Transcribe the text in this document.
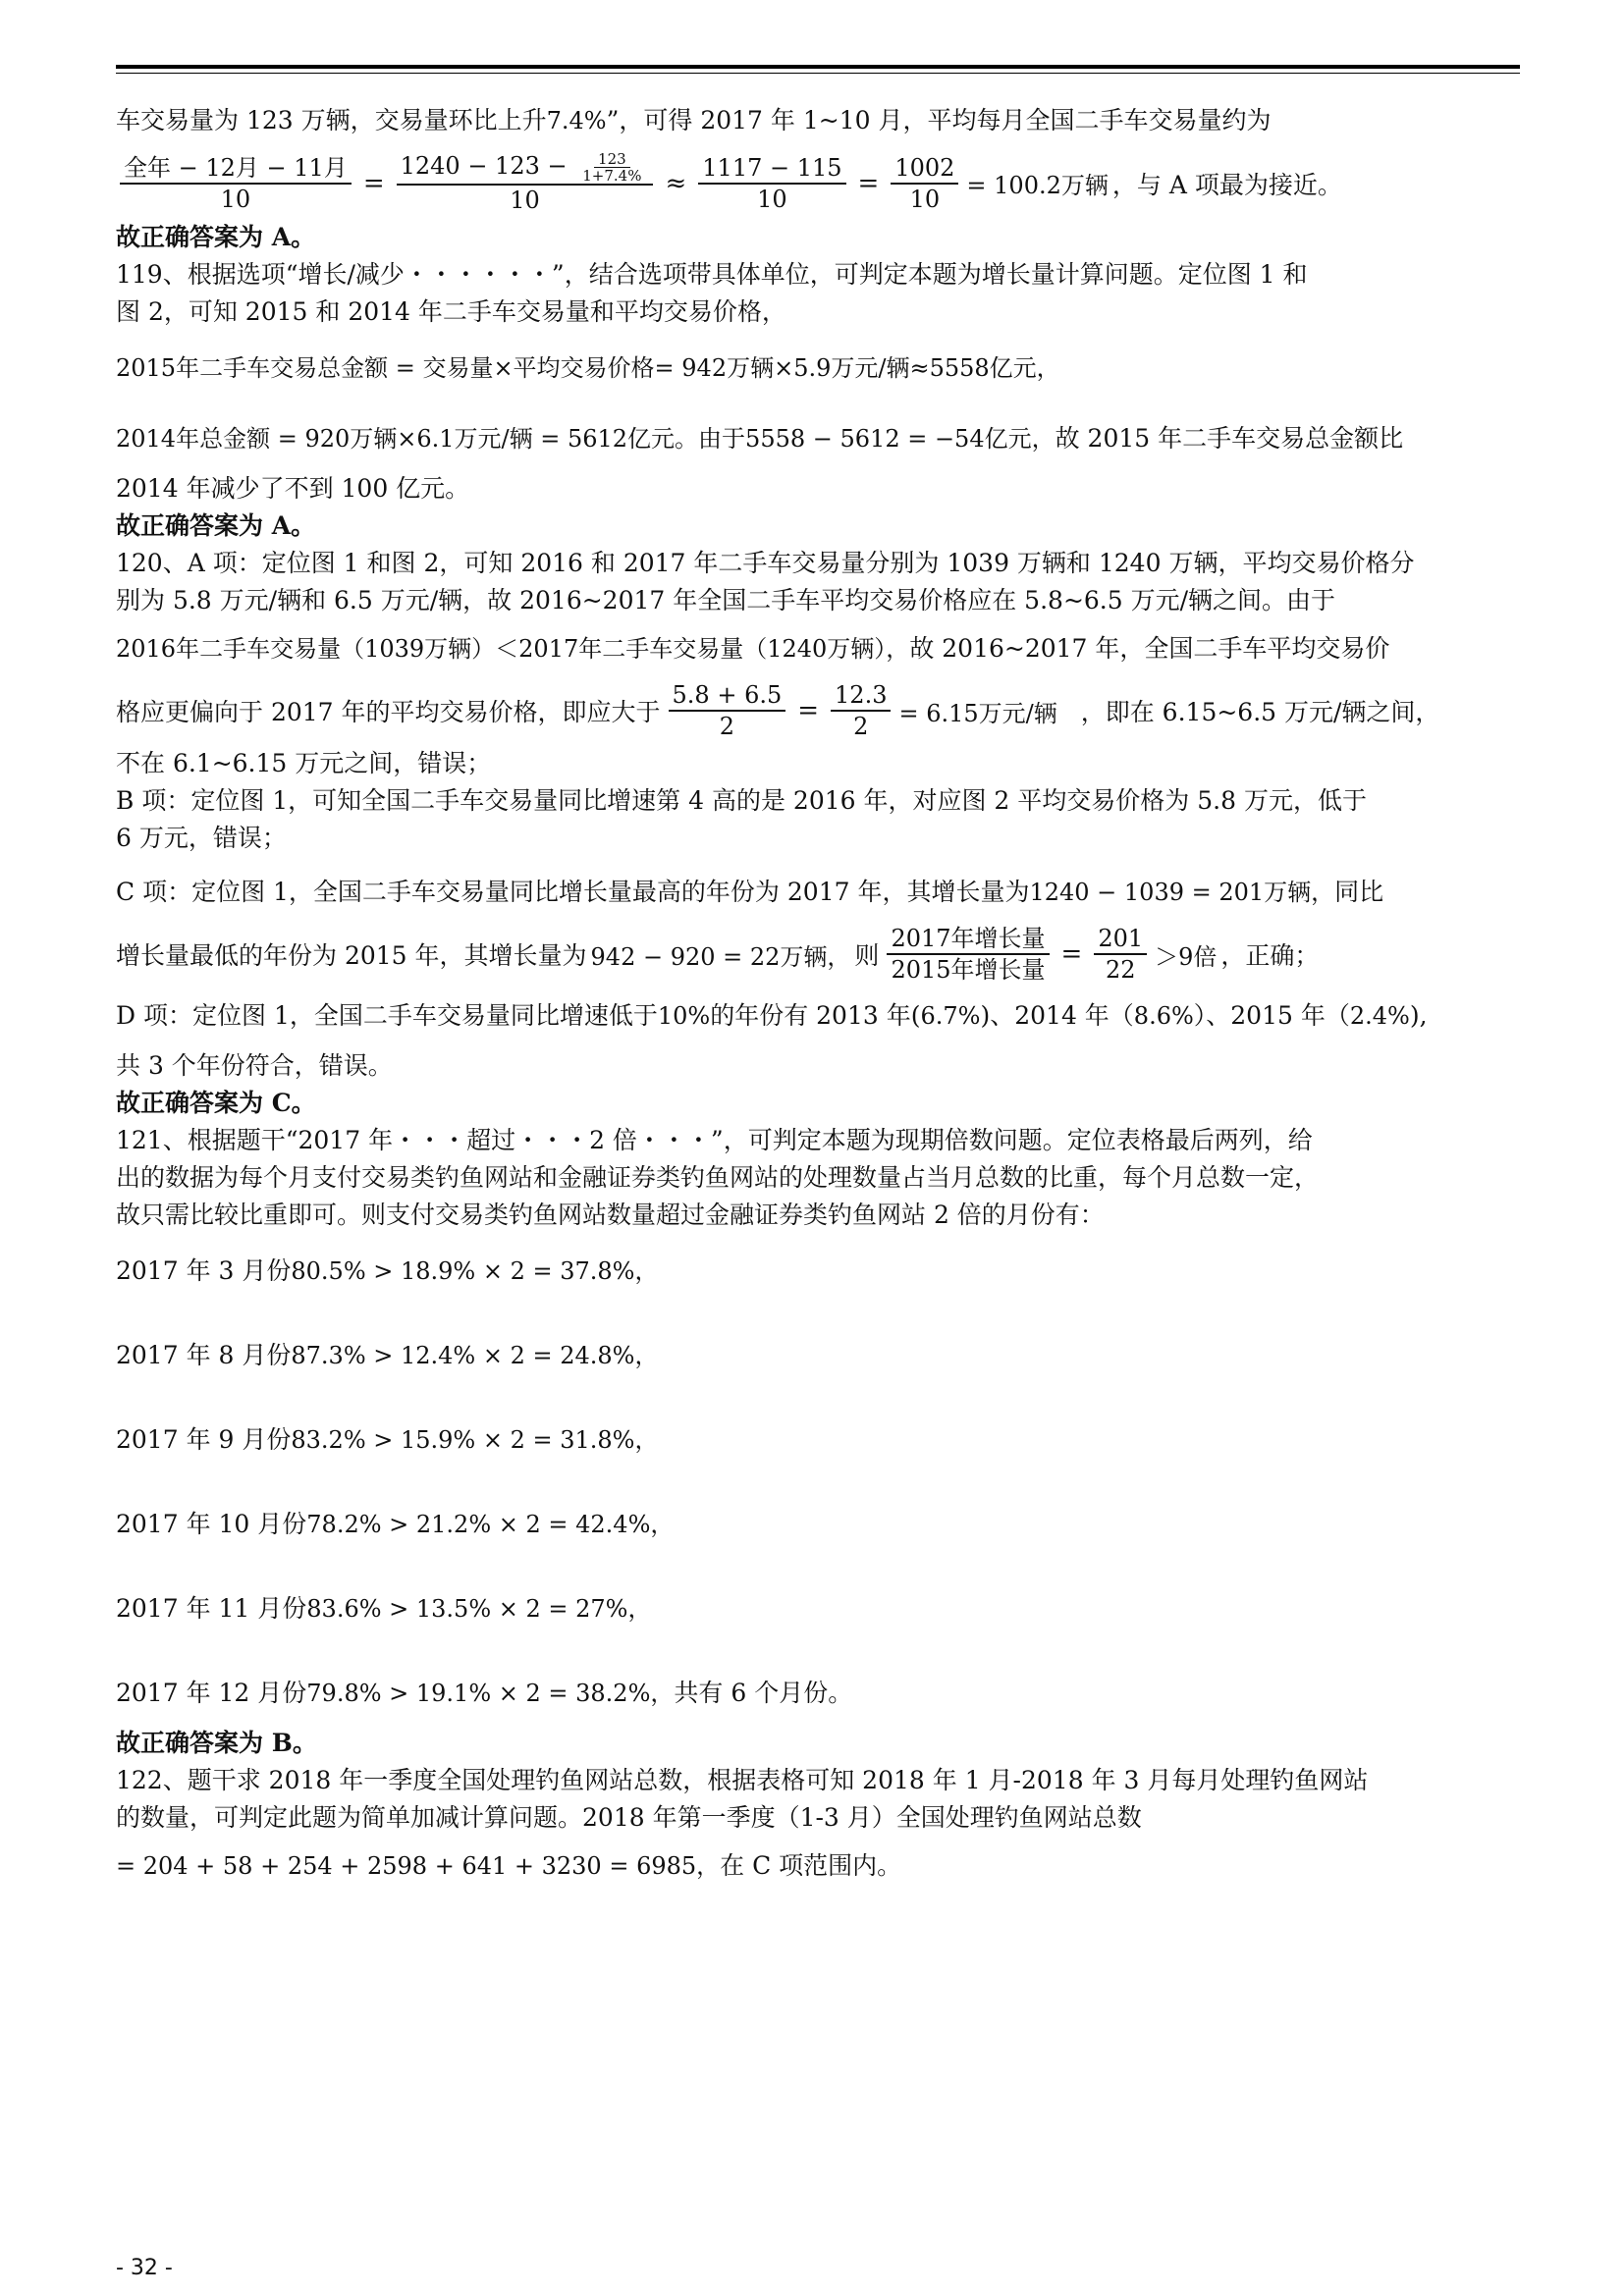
车交易量为 123 万辆，交易量环比上升7.4%”，可得 2017 年 1~10 月，平均每月全国二手车交易量约为

$\frac{\text{全年 − 12月 − 11月}}{10} = \frac{1240 - 123 - \frac{123}{1+7.4\%}}{10} \approx \frac{1117 - 115}{10} = \frac{1002}{10} = 100.2$万辆 ，与 A 项最为接近。

故正确答案为 A。

119、根据选项“增长/减少・・・・・・”，结合选项带具体单位，可判定本题为增长量计算问题。定位图 1 和

图 2，可知 2015 和 2014 年二手车交易量和平均交易价格，

2015年二手车交易总金额 = 交易量×平均交易价格= 942万辆×5.9万元/辆≈5558亿元，

2014年总金额 = 920万辆×6.1万元/辆 = 5612亿元。由于5558 − 5612 = −54亿元，故 2015 年二手车交易总金额比

2014 年减少了不到 100 亿元。

故正确答案为 A。

120、A 项：定位图 1 和图 2，可知 2016 和 2017 年二手车交易量分别为 1039 万辆和 1240 万辆，平均交易价格分

别为 5.8 万元/辆和 6.5 万元/辆，故 2016~2017 年全国二手车平均交易价格应在 5.8~6.5 万元/辆之间。由于

2016年二手车交易量（1039万辆）＜2017年二手车交易量（1240万辆），故 2016~2017 年，全国二手车平均交易价

格应更偏向于 2017 年的平均交易价格，即应大于 $\frac{5.8 + 6.5}{2} = \frac{12.3}{2} = 6.15$万元/辆 ，即在 6.15~6.5 万元/辆之间，

不在 6.1~6.15 万元之间，错误；

B 项：定位图 1，可知全国二手车交易量同比增速第 4 高的是 2016 年，对应图 2 平均交易价格为 5.8 万元，低于

6 万元，错误；

C 项：定位图 1，全国二手车交易量同比增长量最高的年份为 2017 年，其增长量为1240 − 1039 = 201万辆，同比

增长量最低的年份为 2015 年，其增长量为 942 − 920 = 22万辆， 则 $\frac{\text{2017年增长量}}{\text{2015年增长量}} = \frac{201}{22} >9$倍 ，正确；

D 项：定位图 1，全国二手车交易量同比增速低于10%的年份有 2013 年(6.7%)、2014 年（8.6%）、2015 年（2.4%),

共 3 个年份符合，错误。

故正确答案为 C。

121、根据题干“2017 年・・・超过・・・2 倍・・・”，可判定本题为现期倍数问题。定位表格最后两列，给

出的数据为每个月支付交易类钓鱼网站和金融证券类钓鱼网站的处理数量占当月总数的比重，每个月总数一定，

故只需比较比重即可。则支付交易类钓鱼网站数量超过金融证券类钓鱼网站 2 倍的月份有：

2017 年 3 月份80.5% > 18.9% × 2 = 37.8%，

2017 年 8 月份87.3% > 12.4% × 2 = 24.8%，

2017 年 9 月份83.2% > 15.9% × 2 = 31.8%，

2017 年 10 月份78.2% > 21.2% × 2 = 42.4%，

2017 年 11 月份83.6% > 13.5% × 2 = 27%，

2017 年 12 月份79.8% > 19.1% × 2 = 38.2%，共有 6 个月份。

故正确答案为 B。

122、题干求 2018 年一季度全国处理钓鱼网站总数，根据表格可知 2018 年 1 月-2018 年 3 月每月处理钓鱼网站

的数量，可判定此题为简单加减计算问题。2018 年第一季度（1-3 月）全国处理钓鱼网站总数

= 204 + 58 + 254 + 2598 + 641 + 3230 = 6985，在 C 项范围内。

- 32 -
